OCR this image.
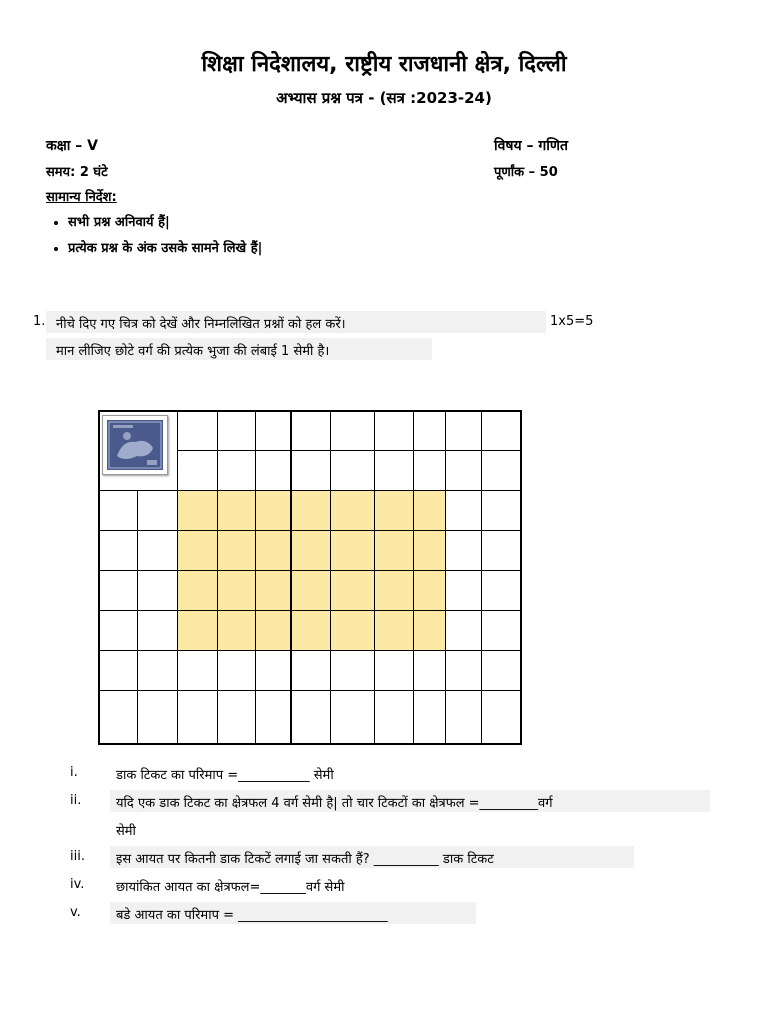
शिक्षा निदेशालय, राष्ट्रीय राजधानी क्षेत्र, दिल्ली
अभ्यास प्रश्न पत्र - (सत्र :2023-24)
कक्षा – V	विषय – गणित
समय: 2 घंटे	पूर्णांक – 50
सामान्य निर्देश:
• सभी प्रश्न अनिवार्य हैं|
• प्रत्येक प्रश्न के अंक उसके सामने लिखे हैं|
1. नीचे दिए गए चित्र को देखें और निम्नलिखित प्रश्नों को हल करें।	1x5=5
मान लीजिए छोटे वर्ग की प्रत्येक भुजा की लंबाई 1 सेमी है।
i.	डाक टिकट का परिमाप =___________ सेमी
ii.	यदि एक डाक टिकट का क्षेत्रफल 4 वर्ग सेमी है| तो चार टिकटों का क्षेत्रफल =_________वर्ग
सेमी
iii. इस आयत पर कितनी डाक टिकटें लगाई जा सकती हैं? __________ डाक टिकट
iv. छायांकित आयत का क्षेत्रफल=_______वर्ग सेमी
v.	बडे आयत का परिमाप = _______________________
